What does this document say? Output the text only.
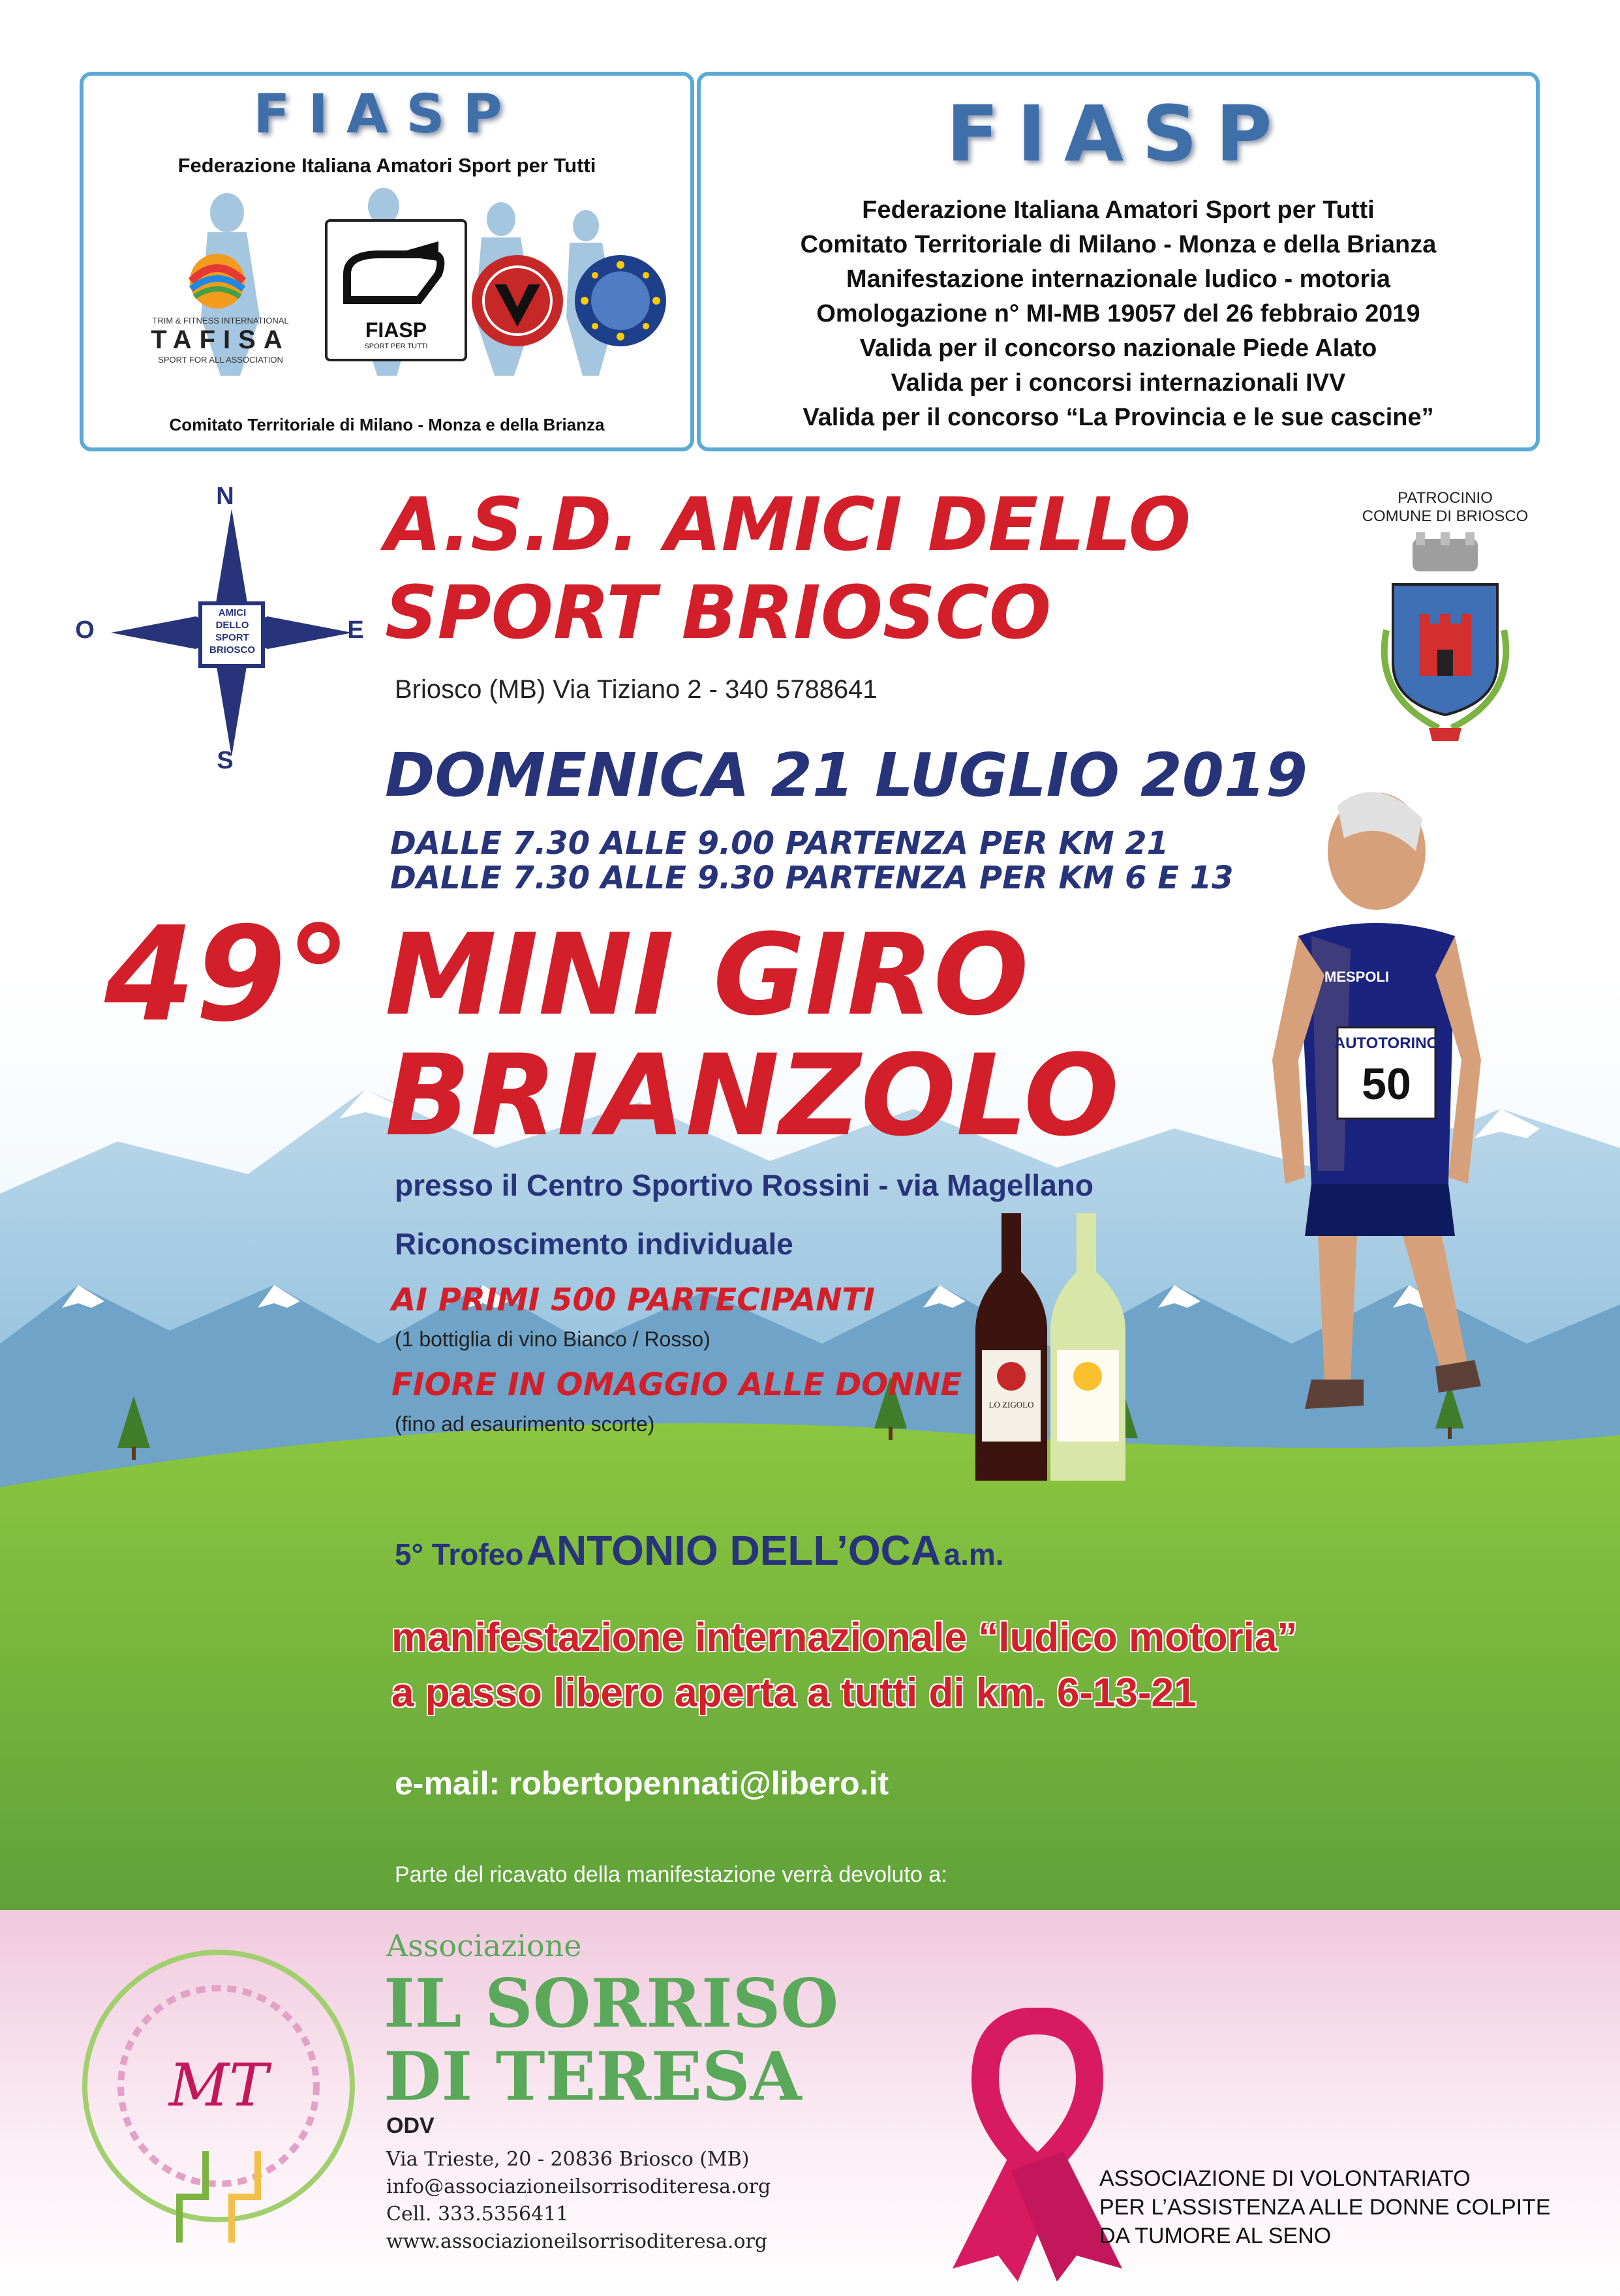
FIASP
Federazione Italiana Amatori Sport per Tutti
TRIM & FITNESS INTERNATIONAL
TAFISA
SPORT FOR ALL ASSOCIATION
FIASP
SPORT PER TUTTI
Comitato Territoriale di Milano - Monza e della Brianza
FIASP
Federazione Italiana Amatori Sport per Tutti
Comitato Territoriale di Milano - Monza e della Brianza
Manifestazione internazionale ludico - motoria
Omologazione n° MI-MB 19057 del 26 febbraio 2019
Valida per il concorso nazionale Piede Alato
Valida per i concorsi internazionali IVV
Valida per il concorso “La Provincia e le sue cascine”
N
S
O	E
AMICI
DELLO
SPORT
BRIOSCO
A.S.D. AMICI DELLO
SPORT BRIOSCO
Briosco (MB) Via Tiziano 2 - 340 5788641
PATROCINIO
COMUNE DI BRIOSCO
DOMENICA 21 LUGLIO 2019
DALLE 7.30 ALLE 9.00 PARTENZA PER KM 21
DALLE 7.30 ALLE 9.30 PARTENZA PER KM 6 E 13
49° MINI GIRO
BRIANZOLO	AUTOTORINO
50
MESPOLI
presso il Centro Sportivo Rossini - via Magellano
Riconoscimento individuale
AI PRIMI 500 PARTECIPANTI
(1 bottiglia di vino Bianco / Rosso)
FIORE IN OMAGGIO ALLE DONNE
(fino ad esaurimento scorte)
LO ZIGOLO
5° Trofeo ANTONIO DELL’OCA a.m.
manifestazione internazionale “ludico motoria”
a passo libero aperta a tutti di km. 6-13-21
e-mail: robertopennati@libero.it
Parte del ricavato della manifestazione verrà devoluto a:
MT
Associazione
IL SORRISO
DI TERESA
ODV
Via Trieste, 20 - 20836 Briosco (MB)
info@associazioneilsorrisoditeresa.org
Cell. 333.5356411
www.associazioneilsorrisoditeresa.org
ASSOCIAZIONE DI VOLONTARIATO
PER L’ASSISTENZA ALLE DONNE COLPITE
DA TUMORE AL SENO
